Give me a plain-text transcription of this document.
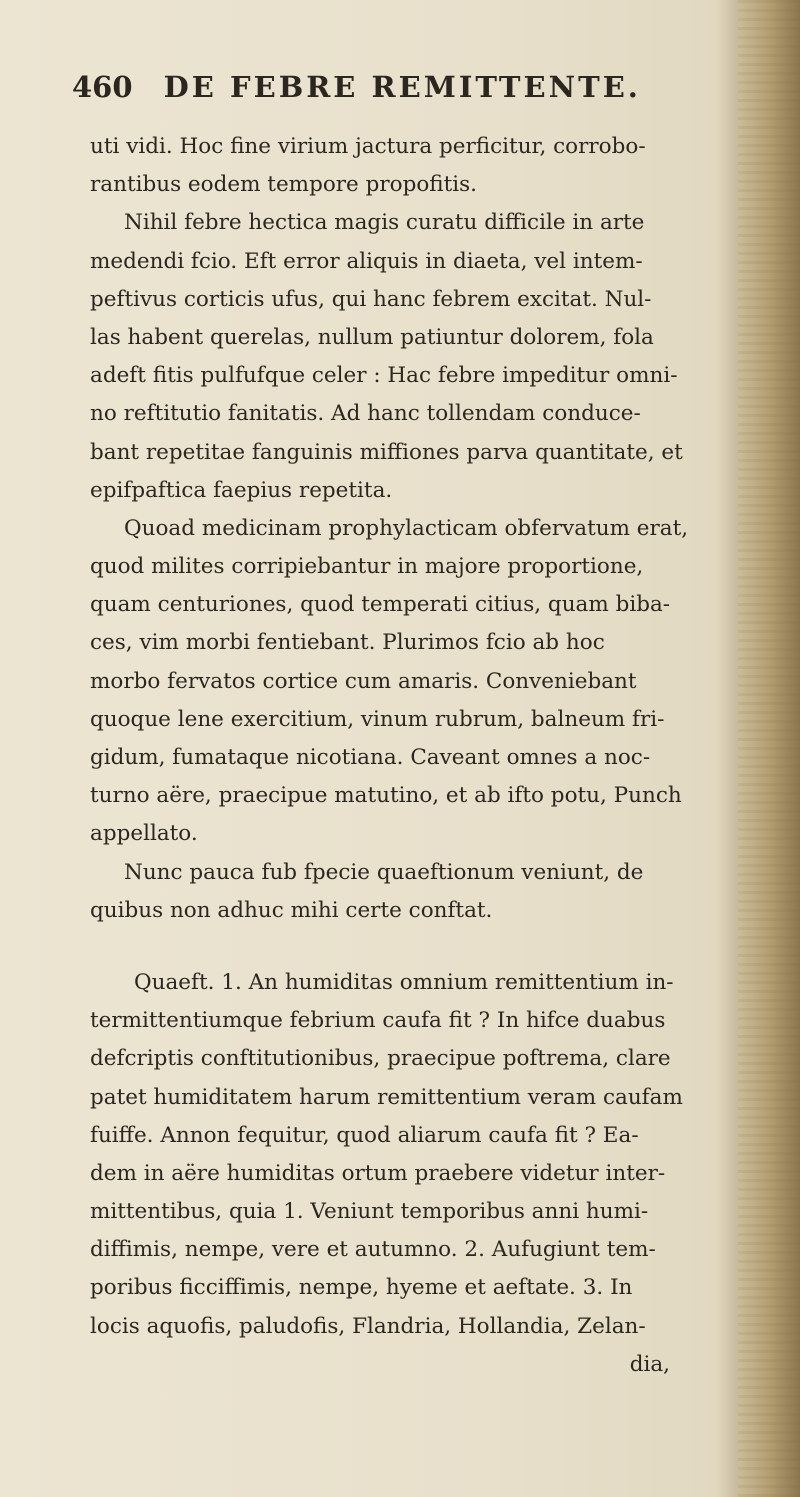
460 DE FEBRE REMITTENTE.
uti vidi. Hoc fine virium jactura perficitur, corrobo-
rantibus eodem tempore propofitis.
Nihil febre hectica magis curatu difficile in arte
medendi fcio. Eft error aliquis in diaeta, vel intem-
peftivus corticis ufus, qui hanc febrem excitat. Nul-
las habent querelas, nullum patiuntur dolorem, fola
adeft fitis pulfufque celer : Hac febre impeditur omni-
no reftitutio fanitatis. Ad hanc tollendam conduce-
bant repetitae fanguinis miffiones parva quantitate, et
epifpaftica faepius repetita.
Quoad medicinam prophylacticam obfervatum erat,
quod milites corripiebantur in majore proportione,
quam centuriones, quod temperati citius, quam biba-
ces, vim morbi fentiebant. Plurimos fcio ab hoc
morbo fervatos cortice cum amaris. Conveniebant
quoque lene exercitium, vinum rubrum, balneum fri-
gidum, fumataque nicotiana. Caveant omnes a noc-
turno aëre, praecipue matutino, et ab ifto potu, Punch
appellato.
Nunc pauca fub fpecie quaeftionum veniunt, de
quibus non adhuc mihi certe conftat.
Quaeft. 1. An humiditas omnium remittentium in-
termittentiumque febrium caufa fit ? In hifce duabus
defcriptis conftitutionibus, praecipue poftrema, clare
patet humiditatem harum remittentium veram caufam
fuiffe. Annon fequitur, quod aliarum caufa fit ? Ea-
dem in aëre humiditas ortum praebere videtur inter-
mittentibus, quia 1. Veniunt temporibus anni humi-
diffimis, nempe, vere et autumno. 2. Aufugiunt tem-
poribus ficciffimis, nempe, hyeme et aeftate. 3. In
locis aquofis, paludofis, Flandria, Hollandia, Zelan-
dia,
